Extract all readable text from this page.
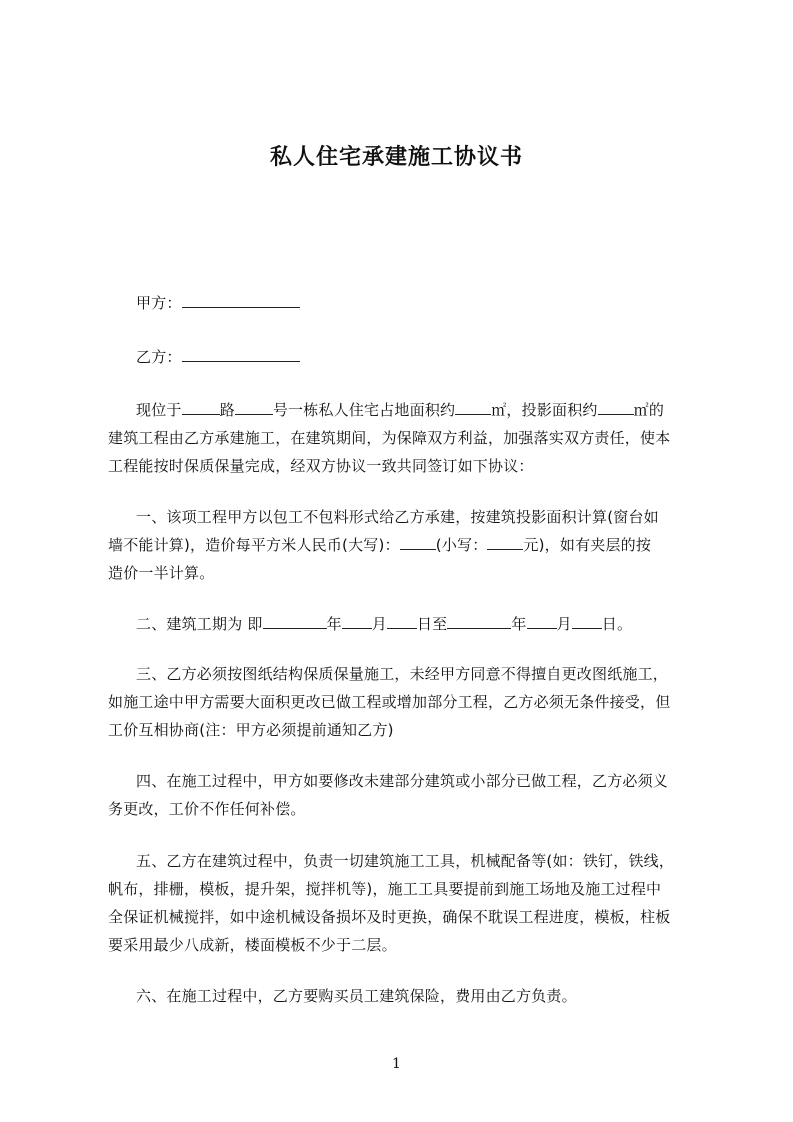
私人住宅承建施工协议书
甲方：
乙方：
现位于	路	号一栋私人住宅占地面积约 ㎡，投影面积约 ㎡的
建筑工程由乙方承建施工，在建筑期间，为保障双方利益，加强落实双方责任，使本
工程能按时保质保量完成，经双方协议一致共同签订如下协议：
一、该项工程甲方以包工不包料形式给乙方承建，按建筑投影面积计算(窗台如
墙不能计算)，造价每平方米人民币(大写)： (小写： 元)，如有夹层的按
造价一半计算。
二、建筑工期为 即	年 月 日至	年 月 日。
三、乙方必须按图纸结构保质保量施工，未经甲方同意不得擅自更改图纸施工，
如施工途中甲方需要大面积更改已做工程或增加部分工程，乙方必须无条件接受，但
工价互相协商(注：甲方必须提前通知乙方)
四、在施工过程中，甲方如要修改未建部分建筑或小部分已做工程，乙方必须义
务更改，工价不作任何补偿。
五、乙方在建筑过程中，负责一切建筑施工工具，机械配备等(如：铁钉，铁线，
帆布，排栅，模板，提升架，搅拌机等)，施工工具要提前到施工场地及施工过程中
全保证机械搅拌，如中途机械设备损坏及时更换，确保不耽误工程进度，模板，柱板
要采用最少八成新，楼面模板不少于二层。
六、在施工过程中，乙方要购买员工建筑保险，费用由乙方负责。
1
